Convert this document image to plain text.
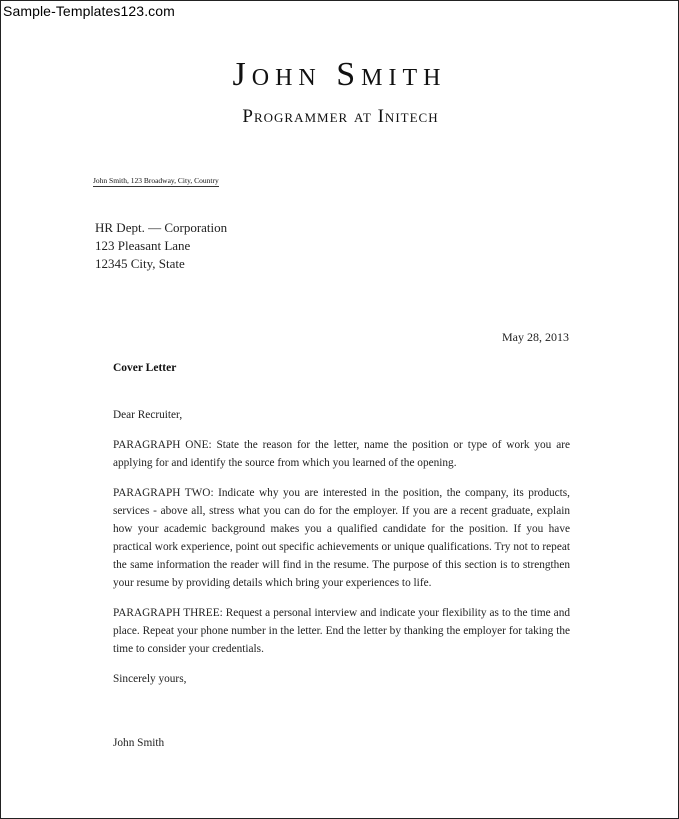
Sample-Templates123.com
John Smith
Programmer at Initech
John Smith, 123 Broadway, City, Country
HR Dept. — Corporation
123 Pleasant Lane
12345 City, State
May 28, 2013
Cover Letter
Dear Recruiter,

PARAGRAPH ONE: State the reason for the letter, name the position or type of work you are applying for and identify the source from which you learned of the opening.

PARAGRAPH TWO: Indicate why you are interested in the position, the company, its products, services - above all, stress what you can do for the employer. If you are a recent graduate, explain how your academic background makes you a qualified candidate for the position. If you have practical work experience, point out specific achievements or unique qualifications. Try not to repeat the same information the reader will find in the resume. The purpose of this section is to strengthen your resume by providing details which bring your experiences to life.

PARAGRAPH THREE: Request a personal interview and indicate your flexibility as to the time and place. Repeat your phone number in the letter. End the letter by thanking the employer for taking the time to consider your credentials.

Sincerely yours,
John Smith
